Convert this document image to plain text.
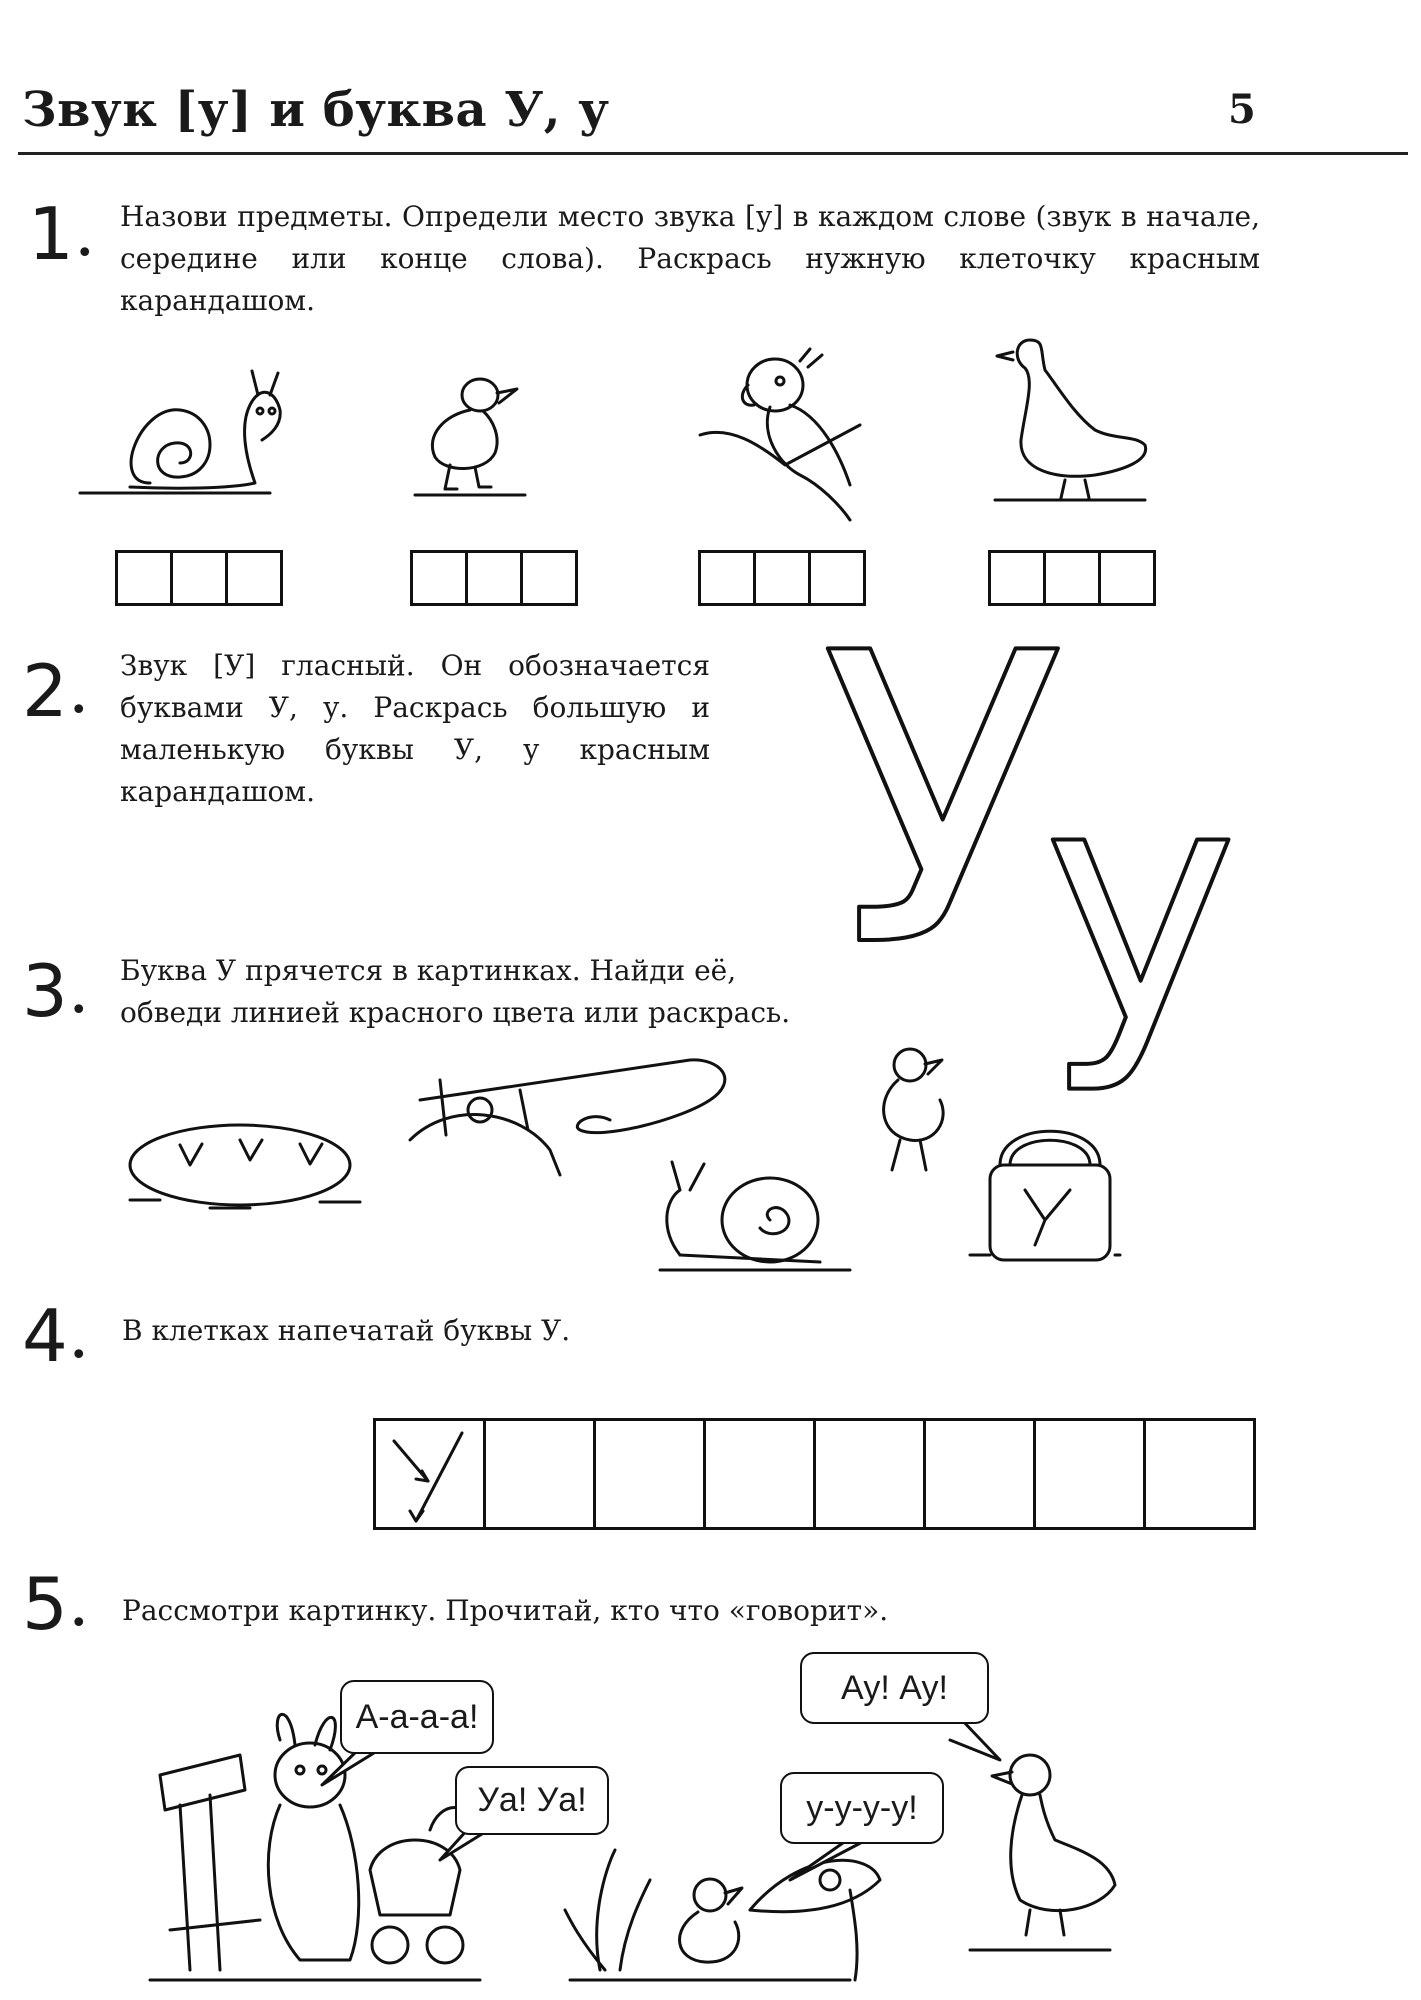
Звук [у] и буква У, у	5
1•
Назови предметы. Определи место звука [у] в каждом слове (звук в начале, середине или конце слова). Раскрась нужную клеточку красным карандашом.
2•
Звук [У] гласный. Он обозначается буквами У, у. Раскрась большую и маленькую буквы У, у красным карандашом.	У
у
3•
Буква У прячется в картинках. Найди её, обведи линией красного цвета или раскрась.
4•
В клетках напечатай буквы У.
5• Рассмотри картинку. Прочитай, кто что «говорит».
А-а-а-а!
Уа! Уа!
Ау! Ау!
у-у-у-у!
